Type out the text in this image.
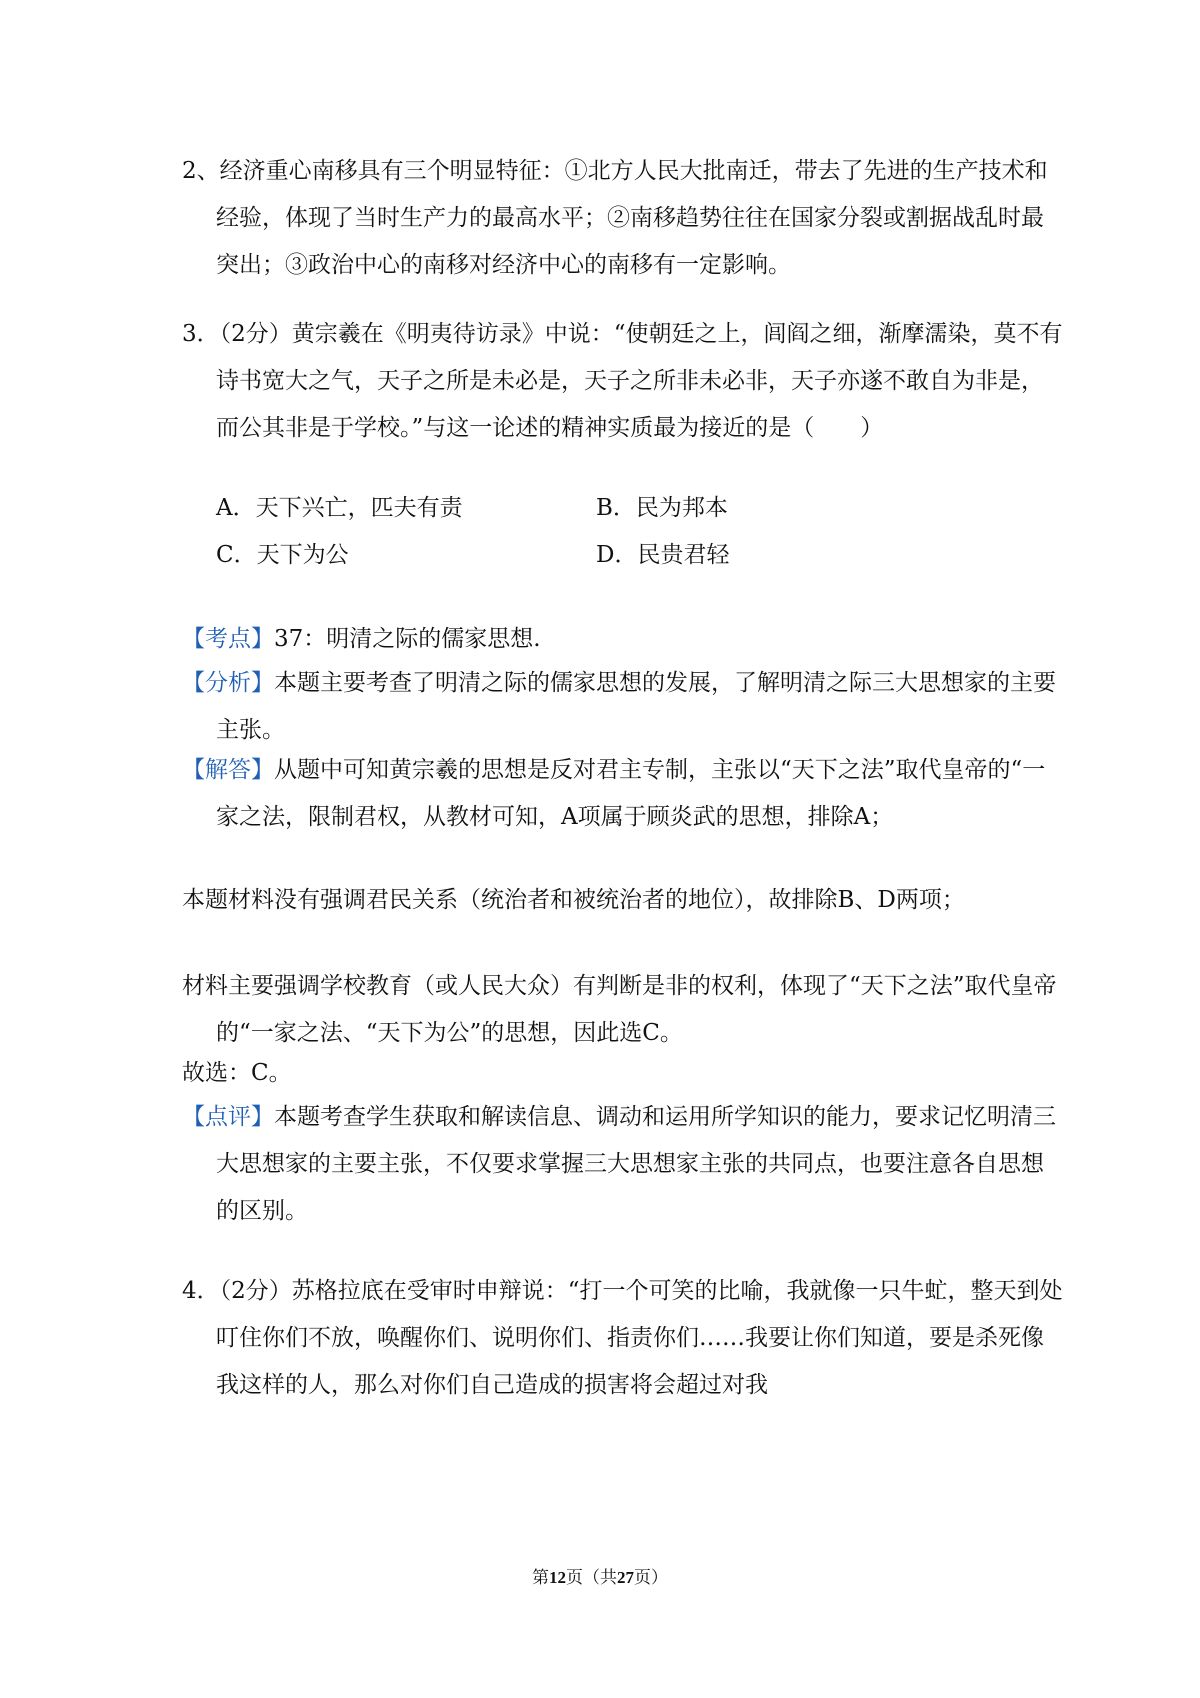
2、经济重心南移具有三个明显特征：①北方人民大批南迁，带去了先进的生产技术和经验，体现了当时生产力的最高水平；②南移趋势往往在国家分裂或割据战乱时最突出；③政治中心的南移对经济中心的南移有一定影响。
3．（2分）黄宗羲在《明夷待访录》中说：“使朝廷之上，闾阎之细，渐摩濡染，莫不有诗书宽大之气，天子之所是未必是，天子之所非未必非，天子亦遂不敢自为非是，而公其非是于学校。”与这一论述的精神实质最为接近的是（　　）
A．天下兴亡，匹夫有责	B．民为邦本
C．天下为公	D．民贵君轻
【考点】37：明清之际的儒家思想.
【分析】本题主要考查了明清之际的儒家思想的发展，了解明清之际三大思想家的主要主张。
【解答】从题中可知黄宗羲的思想是反对君主专制，主张以“天下之法”取代皇帝的“一家之法，限制君权，从教材可知，A项属于顾炎武的思想，排除A；
本题材料没有强调君民关系（统治者和被统治者的地位），故排除B、D两项；
材料主要强调学校教育（或人民大众）有判断是非的权利，体现了“天下之法”取代皇帝的“一家之法、“天下为公”的思想，因此选C。
故选：C。
【点评】本题考查学生获取和解读信息、调动和运用所学知识的能力，要求记忆明清三大思想家的主要主张，不仅要求掌握三大思想家主张的共同点，也要注意各自思想的区别。
4．（2分）苏格拉底在受审时申辩说：“打一个可笑的比喻，我就像一只牛虻，整天到处叮住你们不放，唤醒你们、说明你们、指责你们……我要让你们知道，要是杀死像我这样的人，那么对你们自己造成的损害将会超过对我
第12页（共27页）
